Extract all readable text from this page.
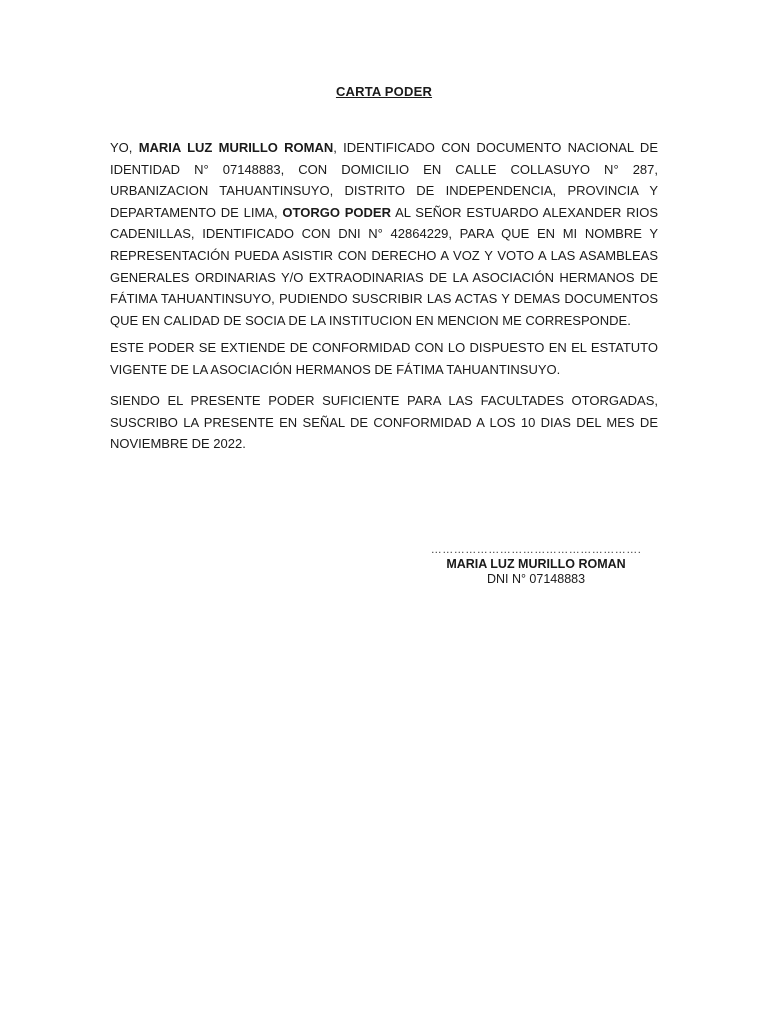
CARTA PODER

YO, MARIA LUZ MURILLO ROMAN, IDENTIFICADO CON DOCUMENTO NACIONAL DE IDENTIDAD N° 07148883, CON DOMICILIO EN CALLE COLLASUYO N° 287, URBANIZACION TAHUANTINSUYO, DISTRITO DE INDEPENDENCIA, PROVINCIA Y DEPARTAMENTO DE LIMA, OTORGO PODER AL SEÑOR ESTUARDO ALEXANDER RIOS CADENILLAS, IDENTIFICADO CON DNI N° 42864229, PARA QUE EN MI NOMBRE Y REPRESENTACIÓN PUEDA ASISTIR CON DERECHO A VOZ Y VOTO A LAS ASAMBLEAS GENERALES ORDINARIAS Y/O EXTRAODINARIAS DE LA ASOCIACIÓN HERMANOS DE FÁTIMA TAHUANTINSUYO, PUDIENDO SUSCRIBIR LAS ACTAS Y DEMAS DOCUMENTOS QUE EN CALIDAD DE SOCIA DE LA INSTITUCION EN MENCION ME CORRESPONDE.

ESTE PODER SE EXTIENDE DE CONFORMIDAD CON LO DISPUESTO EN EL ESTATUTO VIGENTE DE LA ASOCIACIÓN HERMANOS DE FÁTIMA TAHUANTINSUYO.

SIENDO EL PRESENTE PODER SUFICIENTE PARA LAS FACULTADES OTORGADAS, SUSCRIBO LA PRESENTE EN SEÑAL DE CONFORMIDAD A LOS 10 DIAS DEL MES DE NOVIEMBRE DE 2022.

……………………………………………….
MARIA LUZ MURILLO ROMAN
DNI N° 07148883
